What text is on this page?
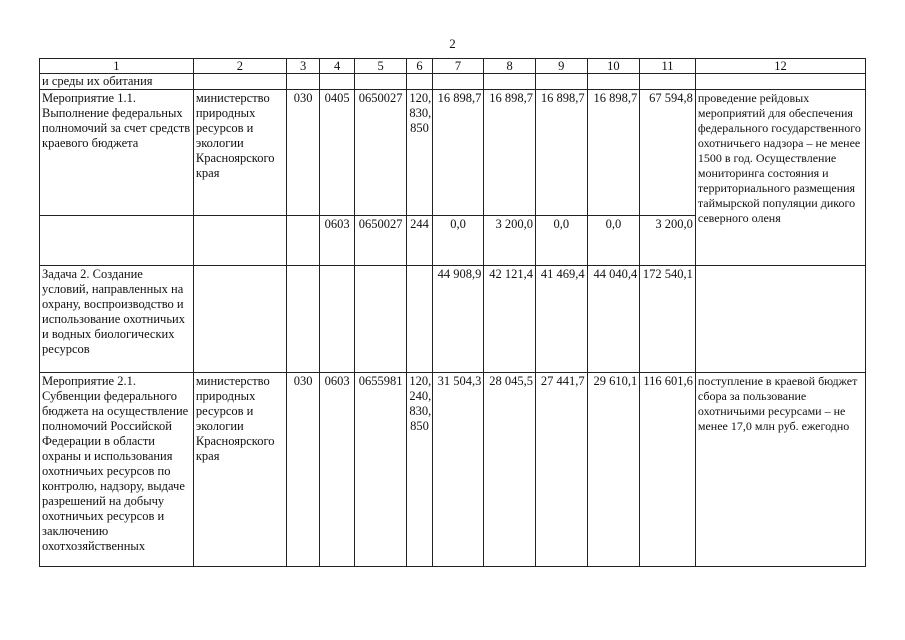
2
1	2	3	4	5	6	7	8	9	10	11	12
и среды их обитания											
Мероприятие 1.1. Выполнение федеральных полномочий за счет средств краевого бюджета	министерство природных ресурсов и экологии Красноярского края	030	0405	0650027	120, 830, 850	16 898,7	16 898,7	16 898,7	16 898,7	67 594,8	проведение рейдовых мероприятий для обеспечения федерального государственного охотничьего надзора – не менее 1500 в год. Осуществление мониторинга состояния и территориального размещения таймырской популяции дикого северного оленя
			0603	0650027	244	0,0	3 200,0	0,0	0,0	3 200,0	
Задача 2. Создание условий, направленных на охрану, воспроизводство и использование охотничьих и водных биологических ресурсов						44 908,9	42 121,4	41 469,4	44 040,4	172 540,1	
Мероприятие 2.1. Субвенции федерального бюджета на осуществление полномочий Российской Федерации в области охраны и использования охотничьих ресурсов по контролю, надзору, выдаче разрешений на добычу охотничьих ресурсов и заключению охотхозяйственных	министерство природных ресурсов и экологии Красноярского края	030	0603	0655981	120, 240, 830, 850	31 504,3	28 045,5	27 441,7	29 610,1	116 601,6	поступление в краевой бюджет сбора за пользование охотничьими ресурсами – не менее 17,0 млн руб. ежегодно
